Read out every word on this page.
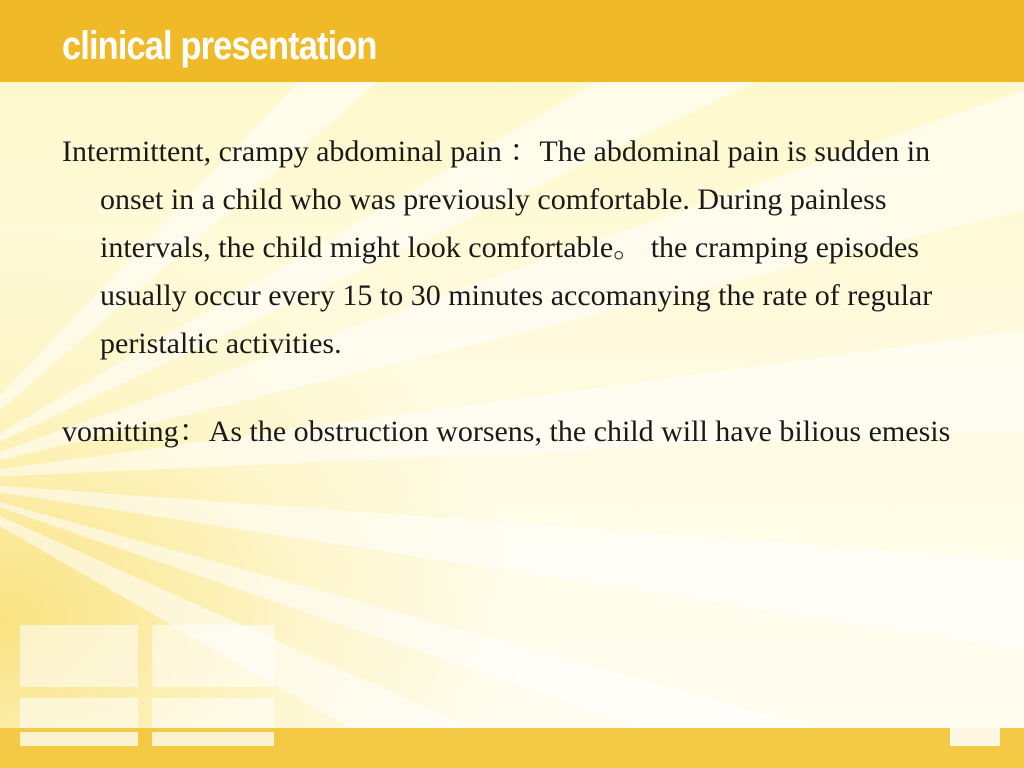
clinical presentation

Intermittent, crampy abdominal pain ：The abdominal pain is sudden in onset in a child who was previously comfortable. During painless intervals, the child might look comfortable。 the cramping episodes usually occur every 15 to 30 minutes accomanying the rate of regular peristaltic activities.

vomitting：As the obstruction worsens, the child will have bilious emesis
